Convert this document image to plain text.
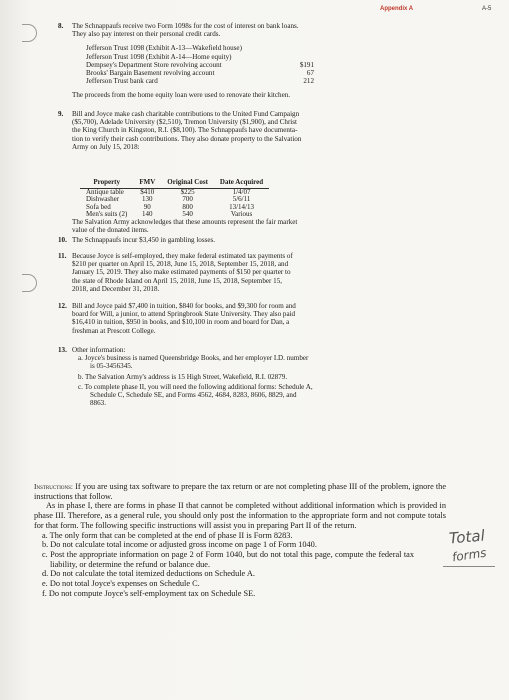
Appendix A	A-5
8. The Schnappaufs receive two Form 1098s for the cost of interest on bank loans.

They also pay interest on their personal credit cards.

Jefferson Trust 1098 (Exhibit A-13—Wakefield house)
Jefferson Trust 1098 (Exhibit A-14—Home equity)
Dempsey's Department Store revolving account	$191
Brooks' Bargain Basement revolving account	67
Jefferson Trust bank card	212

The proceeds from the home equity loan were used to renovate their kitchen.

9. Bill and Joyce make cash charitable contributions to the United Fund Campaign

($5,700), Adelade University ($2,510), Tremon University ($1,900), and Christ

the King Church in Kingston, R.I. ($8,100). The Schnappaufs have documenta-

tion to verify their cash contributions. They also donate property to the Salvation

Army on July 15, 2018:

Property	FMV	Original Cost	Date Acquired
Antique table	$410	$225	1/4/07
Dishwasher	130	700	5/6/11
Sofa bed	90	800	13/14/13
Men's suits (2)	140	540	Various

The Salvation Army acknowledges that these amounts represent the fair market

value of the donated items.

10. The Schnappaufs incur $3,450 in gambling losses.

11. Because Joyce is self-employed, they make federal estimated tax payments of

$210 per quarter on April 15, 2018, June 15, 2018, September 15, 2018, and

January 15, 2019. They also make estimated payments of $150 per quarter to

the state of Rhode Island on April 15, 2018, June 15, 2018, September 15,

2018, and December 31, 2018.

12. Bill and Joyce paid $7,400 in tuition, $840 for books, and $9,300 for room and

board for Will, a junior, to attend Springbrook State University. They also paid

$16,410 in tuition, $950 in books, and $10,100 in room and board for Dan, a

freshman at Prescott College.

13. Other information:

a. Joyce's business is named Queensbridge Books, and her employer I.D. number

is 05-3456345.

b. The Salvation Army's address is 15 High Street, Wakefield, R.I. 02879.

c. To complete phase II, you will need the following additional forms: Schedule A,

Schedule C, Schedule SE, and Forms 4562, 4684, 8283, 8606, 8829, and

8863.

Instructions: If you are using tax software to prepare the tax return or are not completing phase III of the problem, ignore the instructions that follow.

As in phase I, there are forms in phase II that cannot be completed without additional information which is provided in phase III. Therefore, as a general rule, you should only post the information to the appropriate form and not compute totals for that form. The following specific instructions will assist you in preparing Part II of the return.

a. The only form that can be completed at the end of phase II is Form 8283.

b. Do not calculate total income or adjusted gross income on page 1 of Form 1040.

c. Post the appropriate information on page 2 of Form 1040, but do not total this page, compute the federal tax liability, or determine the refund or balance due.

d. Do not calculate the total itemized deductions on Schedule A.

e. Do not total Joyce's expenses on Schedule C.

f. Do not compute Joyce's self-employment tax on Schedule SE.

Total
forms
